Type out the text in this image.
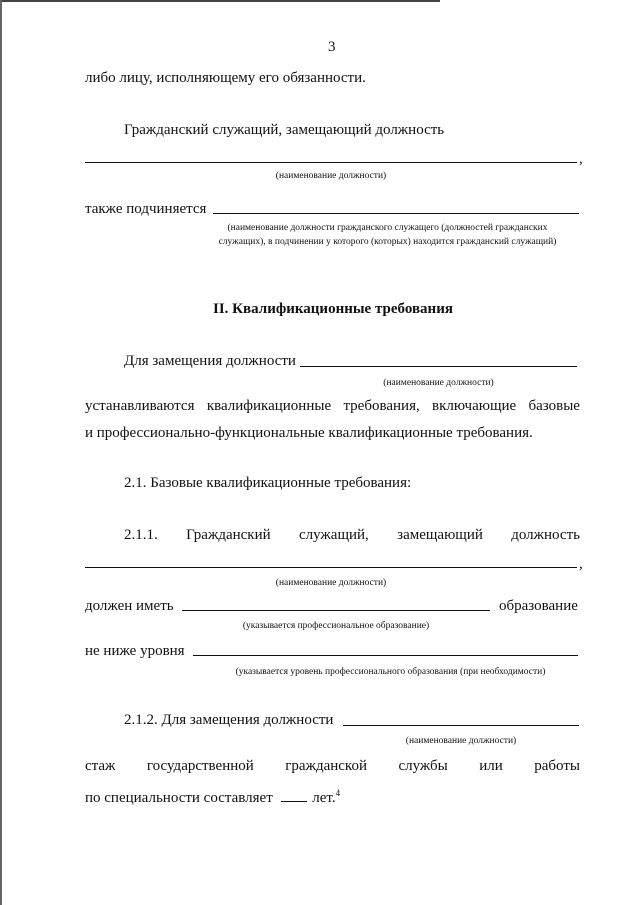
3
либо лицу, исполняющему его обязанности.
Гражданский служащий, замещающий должность
,
(наименование должности)
также подчиняется
(наименование должности гражданского служащего (должностей гражданских
служащих), в подчинении у которого (которых) находится гражданский служащий)
II. Квалификационные требования
Для замещения должности
(наименование должности)
устанавливаются квалификационные требования, включающие базовые
и профессионально-функциональные квалификационные требования.
2.1. Базовые квалификационные требования:
2.1.1. Гражданский служащий, замещающий должность
,
(наименование должности)
должен иметь	образование
(указывается профессиональное образование)
не ниже уровня
(указывается уровень профессионального образования (при необходимости)
2.1.2. Для замещения должности
(наименование должности)
стаж государственной гражданской службы или работы
по специальности составляет	лет.$^4$
